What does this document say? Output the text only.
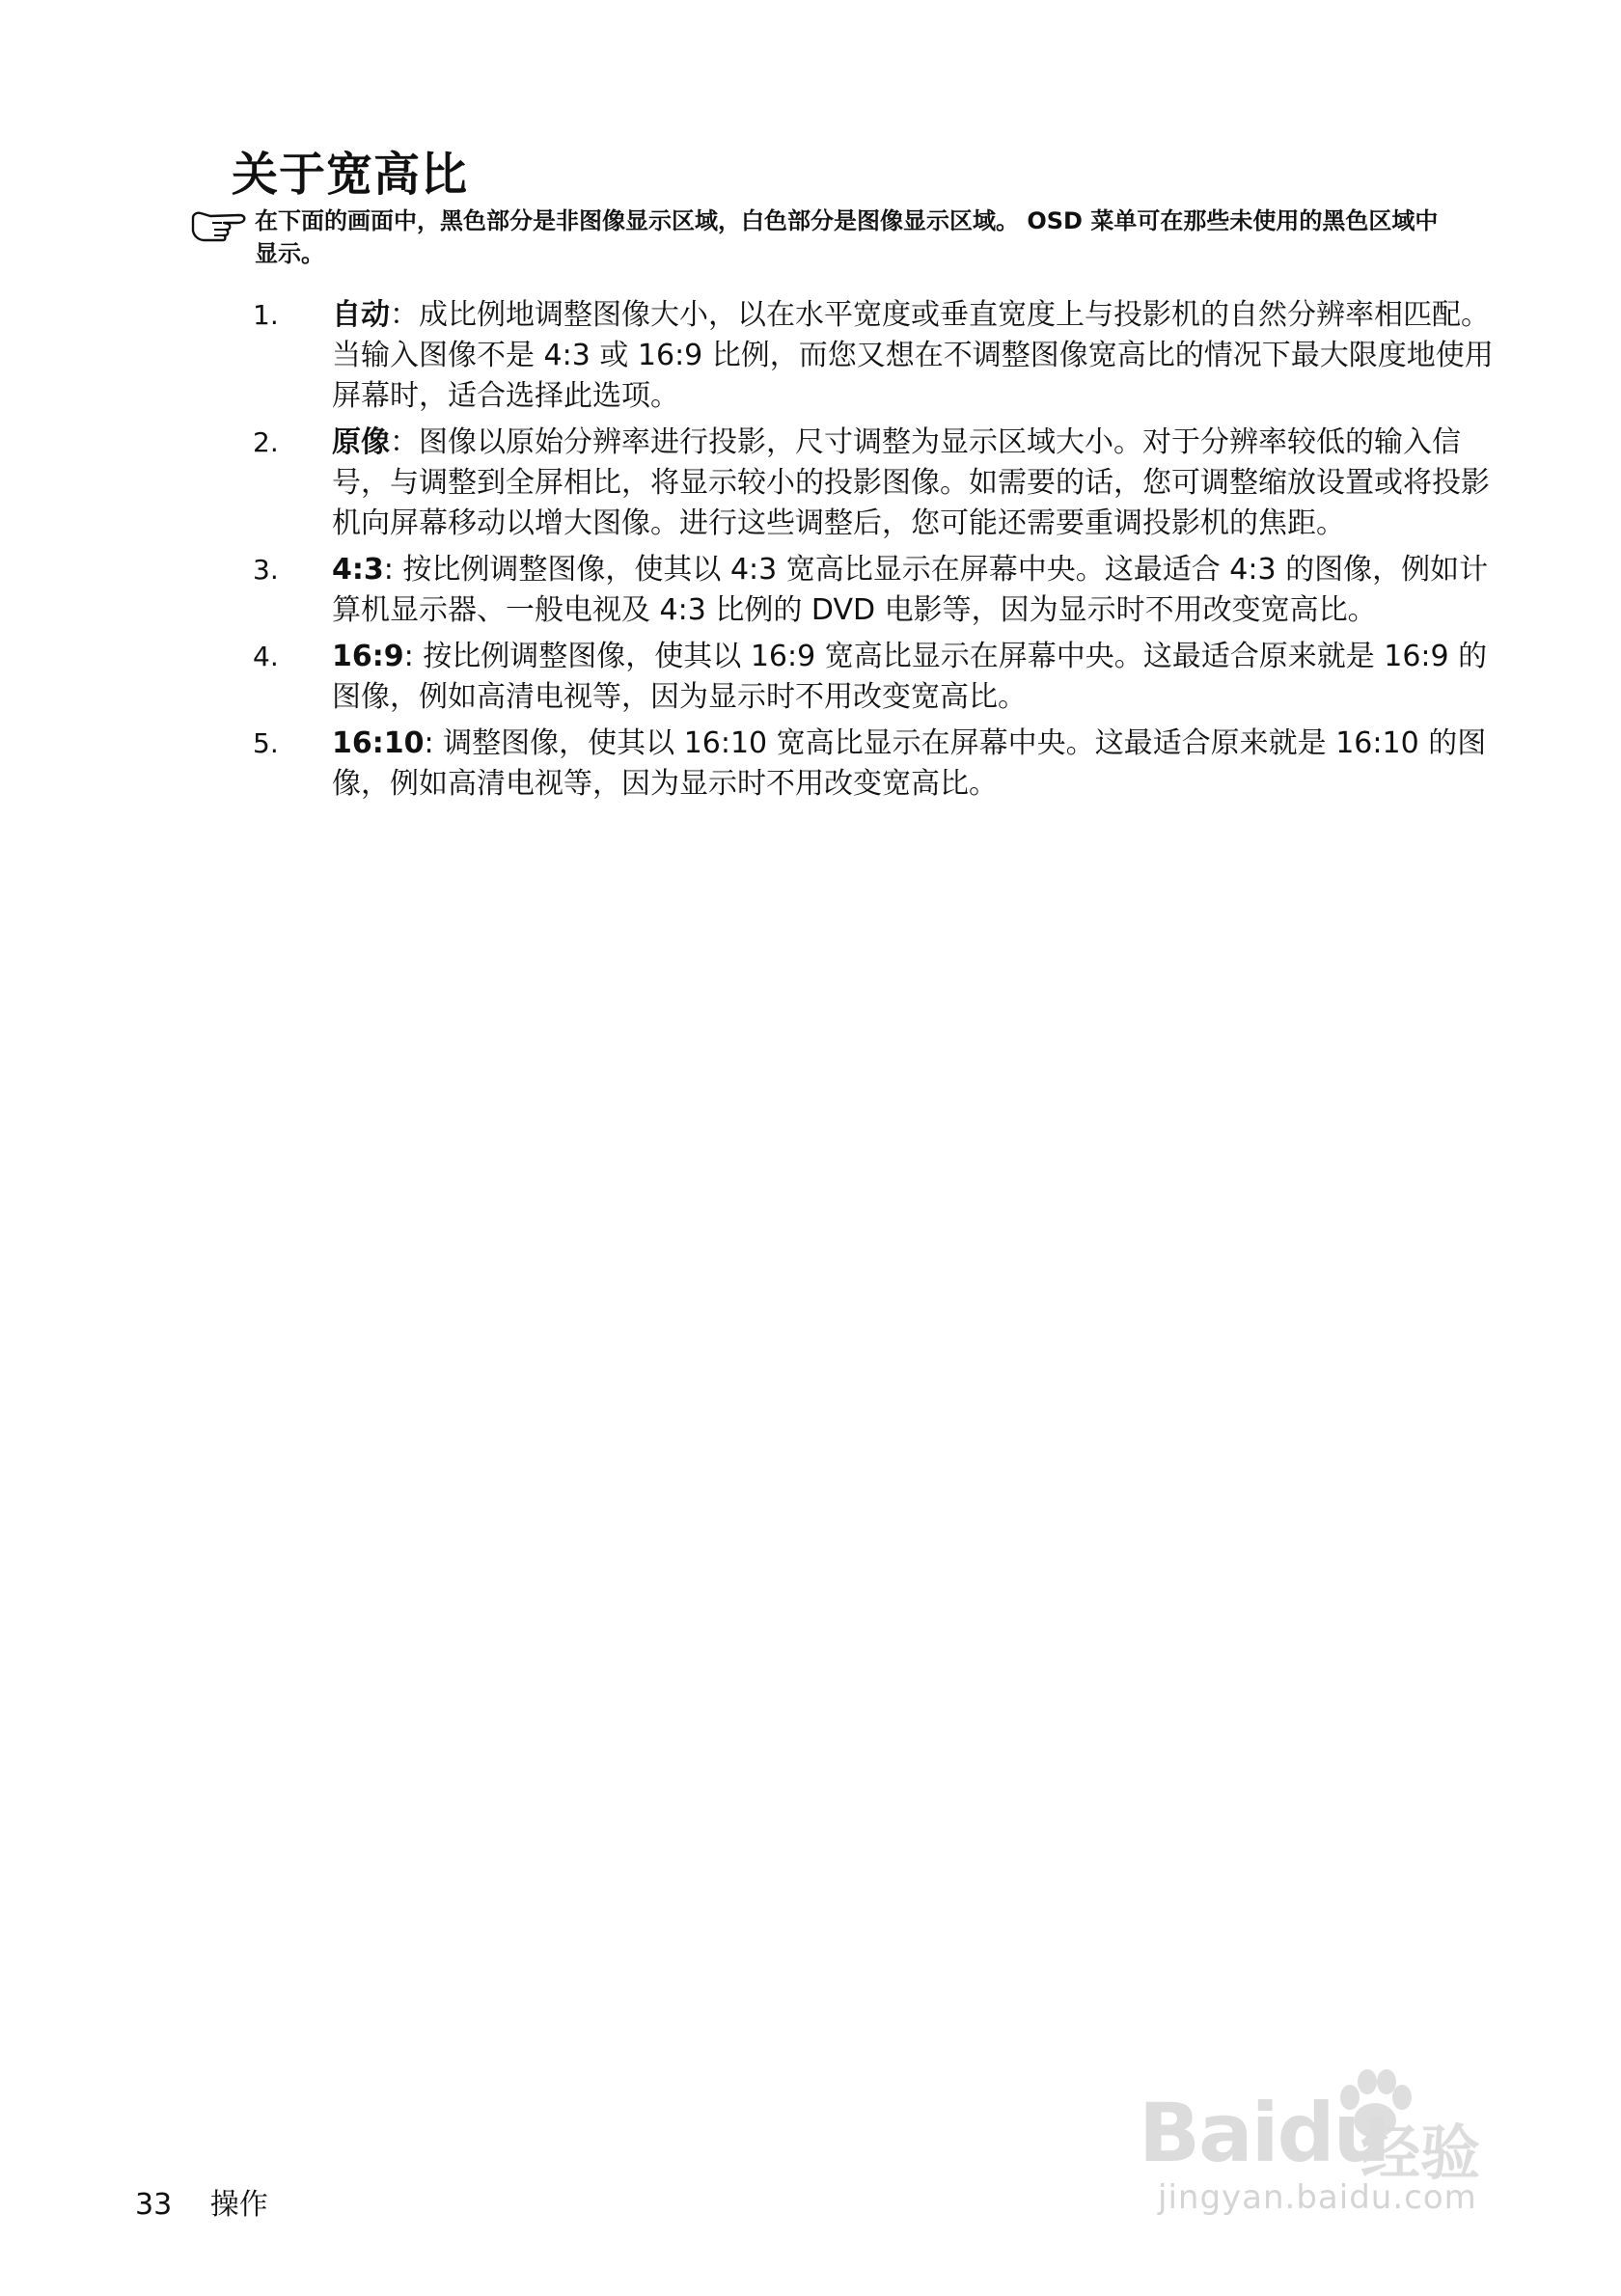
关于宽高比
在下面的画面中，黑色部分是非图像显示区域，白色部分是图像显示区域。 OSD 菜单可在那些未使用的黑色区域中显示。
1.	自动：成比例地调整图像大小，以在水平宽度或垂直宽度上与投影机的自然分辨率相匹配。当输入图像不是 4:3 或 16:9 比例，而您又想在不调整图像宽高比的情况下最大限度地使用屏幕时，适合选择此选项。
2.	原像：图像以原始分辨率进行投影，尺寸调整为显示区域大小。对于分辨率较低的输入信号，与调整到全屏相比，将显示较小的投影图像。如需要的话，您可调整缩放设置或将投影机向屏幕移动以增大图像。进行这些调整后，您可能还需要重调投影机的焦距。
3.	4:3: 按比例调整图像，使其以 4:3 宽高比显示在屏幕中央。这最适合 4:3 的图像，例如计算机显示器、一般电视及 4:3 比例的 DVD 电影等，因为显示时不用改变宽高比。
4.	16:9: 按比例调整图像，使其以 16:9 宽高比显示在屏幕中央。这最适合原来就是 16:9 的图像，例如高清电视等，因为显示时不用改变宽高比。
5.	16:10: 调整图像，使其以 16:10 宽高比显示在屏幕中央。这最适合原来就是 16:10 的图像，例如高清电视等，因为显示时不用改变宽高比。
33 操作
Baidu
经验
jingyan.baidu.com
